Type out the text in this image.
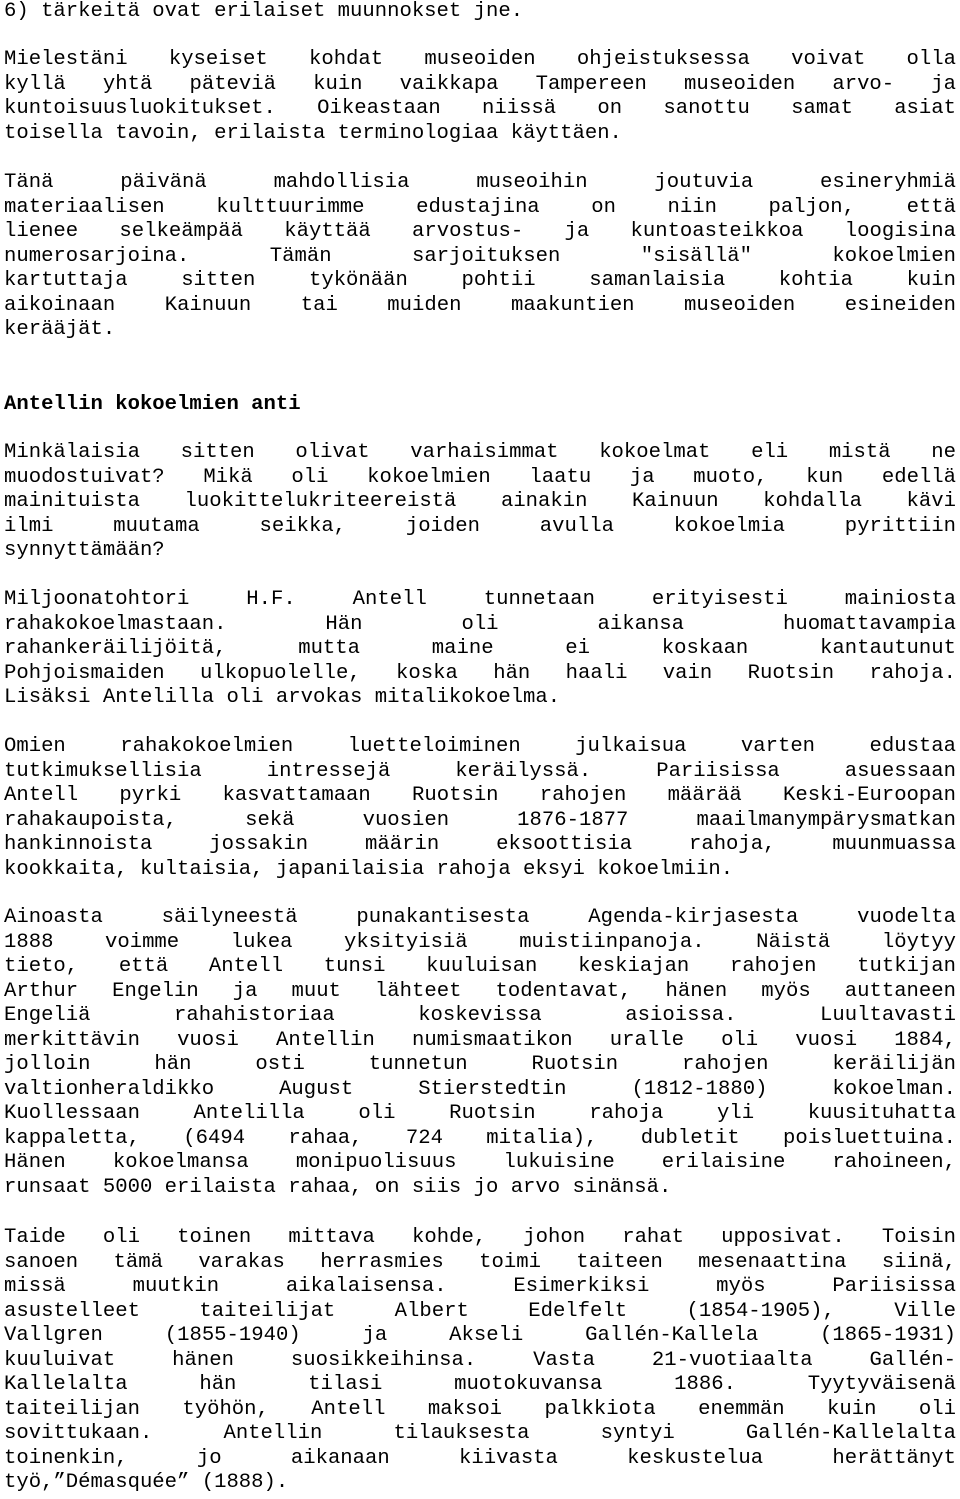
6) tärkeitä ovat erilaiset muunnokset jne.
Mielestäni kyseiset kohdat museoiden ohjeistuksessa voivat olla
kyllä yhtä päteviä kuin vaikkapa Tampereen museoiden arvo- ja
kuntoisuusluokitukset. Oikeastaan niissä on sanottu samat asiat
toisella tavoin, erilaista terminologiaa käyttäen.
Tänä päivänä mahdollisia museoihin joutuvia esineryhmiä
materiaalisen kulttuurimme edustajina on niin paljon, että
lienee selkeämpää käyttää arvostus- ja kuntoasteikkoa loogisina
numerosarjoina. Tämän sarjoituksen "sisällä" kokoelmien
kartuttaja sitten tykönään pohtii samanlaisia kohtia kuin
aikoinaan Kainuun tai muiden maakuntien museoiden esineiden
kerääjät.
Antellin kokoelmien anti
Minkälaisia sitten olivat varhaisimmat kokoelmat eli mistä ne
muodostuivat? Mikä oli kokoelmien laatu ja muoto, kun edellä
mainituista luokittelukriteereistä ainakin Kainuun kohdalla kävi
ilmi muutama seikka, joiden avulla kokoelmia pyrittiin
synnyttämään?
Miljoonatohtori H.F. Antell tunnetaan erityisesti mainiosta
rahakokoelmastaan. Hän oli aikansa huomattavampia
rahankeräilijöitä, mutta maine ei koskaan kantautunut
Pohjoismaiden ulkopuolelle, koska hän haali vain Ruotsin rahoja.
Lisäksi Antelilla oli arvokas mitalikokoelma.
Omien rahakokoelmien luetteloiminen julkaisua varten edustaa
tutkimuksellisia intressejä keräilyssä. Pariisissa asuessaan
Antell pyrki kasvattamaan Ruotsin rahojen määrää Keski-Euroopan
rahakaupoista, sekä vuosien 1876-1877 maailmanympärysmatkan
hankinnoista jossakin määrin eksoottisia rahoja, muunmuassa
kookkaita, kultaisia, japanilaisia rahoja eksyi kokoelmiin.
Ainoasta säilyneestä punakantisesta Agenda-kirjasesta vuodelta
1888 voimme lukea yksityisiä muistiinpanoja. Näistä löytyy
tieto, että Antell tunsi kuuluisan keskiajan rahojen tutkijan
Arthur Engelin ja muut lähteet todentavat, hänen myös auttaneen
Engeliä rahahistoriaa koskevissa asioissa. Luultavasti
merkittävin vuosi Antellin numismaatikon uralle oli vuosi 1884,
jolloin hän osti tunnetun Ruotsin rahojen keräilijän
valtionheraldikko August Stierstedtin (1812-1880) kokoelman.
Kuollessaan Antelilla oli Ruotsin rahoja yli kuusituhatta
kappaletta, (6494 rahaa, 724 mitalia), dubletit poisluettuina.
Hänen kokoelmansa monipuolisuus lukuisine erilaisine rahoineen,
runsaat 5000 erilaista rahaa, on siis jo arvo sinänsä.
Taide oli toinen mittava kohde, johon rahat upposivat. Toisin
sanoen tämä varakas herrasmies toimi taiteen mesenaattina siinä,
missä muutkin aikalaisensa. Esimerkiksi myös Pariisissa
asustelleet taiteilijat Albert Edelfelt (1854-1905), Ville
Vallgren (1855-1940) ja Akseli Gallén-Kallela (1865-1931)
kuuluivat hänen suosikkeihinsa. Vasta 21-vuotiaalta Gallén-
Kallelalta hän tilasi muotokuvansa 1886. Tyytyväisenä
taiteilijan työhön, Antell maksoi palkkiota enemmän kuin oli
sovittukaan. Antellin tilauksesta syntyi Gallén-Kallelalta
toinenkin, jo aikanaan kiivasta keskustelua herättänyt
työ,”Démasquée” (1888).
